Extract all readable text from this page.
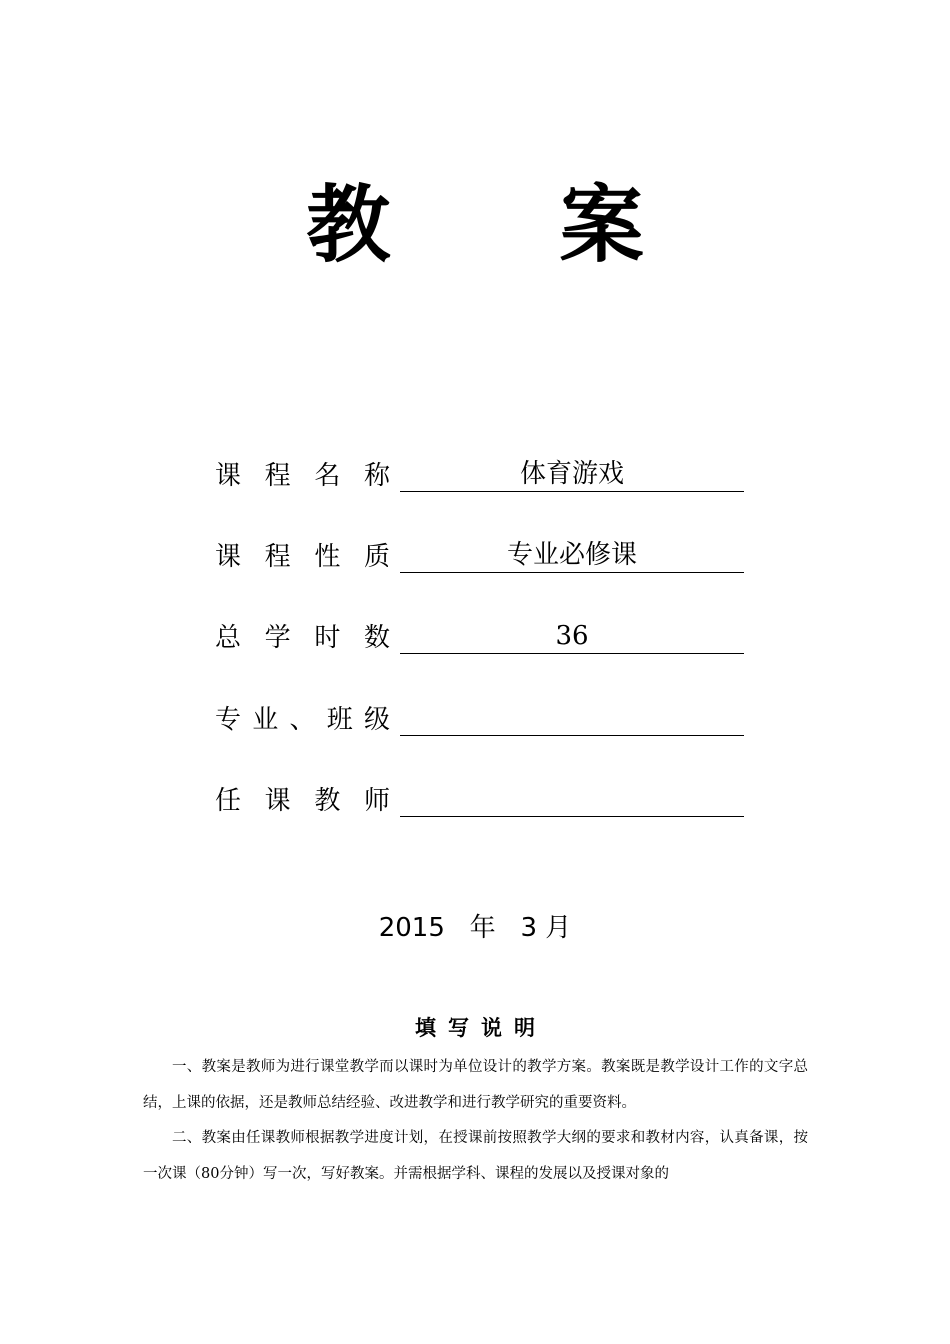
教 案
课程名称	体育游戏
课程性质	专业必修课
总学时数	36
专业、班级
任课教师
2015 年 3 月
填写说明

一、教案是教师为进行课堂教学而以课时为单位设计的教学方案。教案既是教学设计工作的文字总结，上课的依据，还是教师总结经验、改进教学和进行教学研究的重要资料。

二、教案由任课教师根据教学进度计划，在授课前按照教学大纲的要求和教材内容，认真备课，按一次课（80分钟）写一次，写好教案。并需根据学科、课程的发展以及授课对象的
